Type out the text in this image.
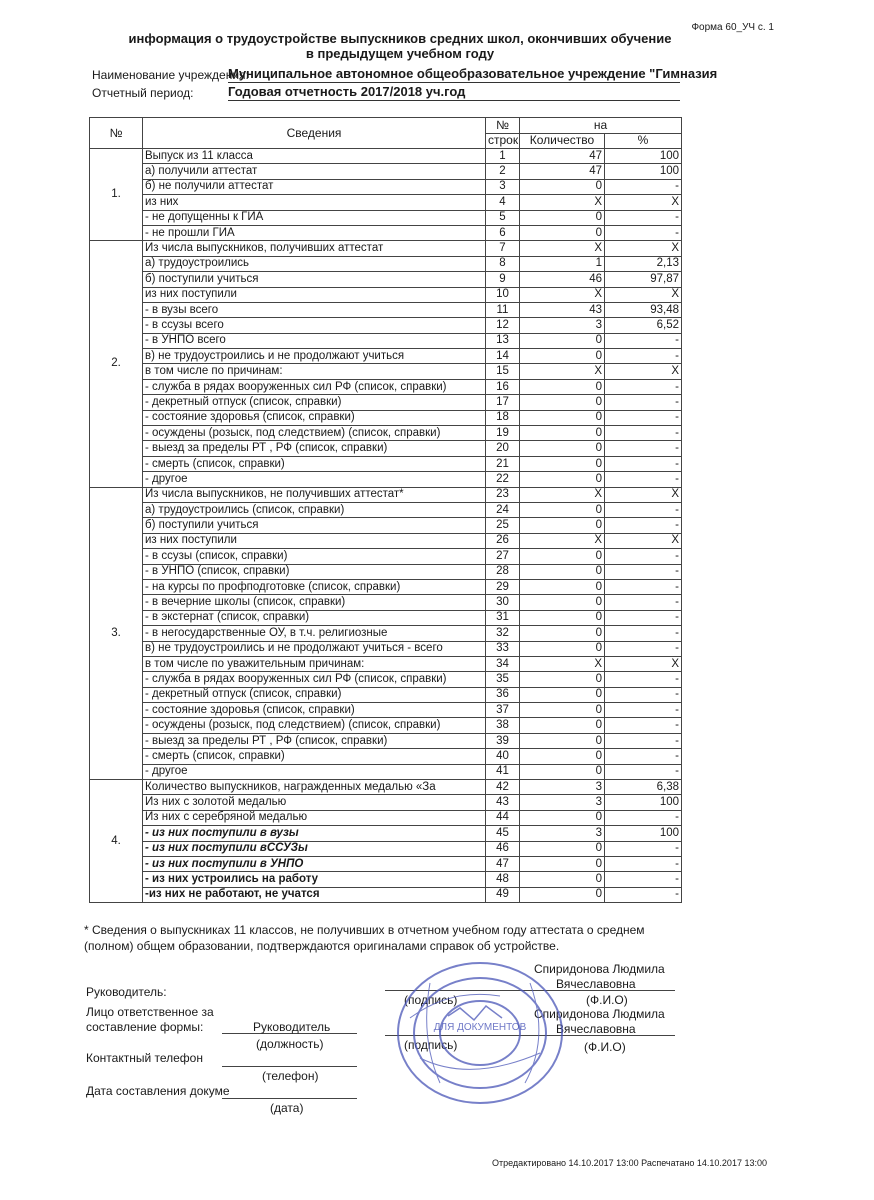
Форма 60_УЧ с. 1
информация о трудоустройстве выпускников средних школ, окончивших обучение
в предыдущем учебном году
Наименование учреждения:
Муниципальное автономное общеобразовательное учреждение "Гимназия
Отчетный период:	Годовая отчетность 2017/2018 уч.год
№	Сведения	№	на	
		строк	Количество	%
1.	Выпуск из 11 класса	1	47	100
	а) получили аттестат	2	47	100
	б) не получили аттестат	3	0	-
	из них	4	X	X
	- не допущенны к ГИА	5	0	-
	- не прошли ГИА	6	0	-
2.	Из числа выпускников, получивших аттестат	7	X	X
	а) трудоустроились	8	1	2,13
	б) поступили учиться	9	46	97,87
	из них поступили	10	X	X
	- в вузы всего	11	43	93,48
	- в ссузы всего	12	3	6,52
	- в УНПО всего	13	0	-
	в) не трудоустроились и не продолжают учиться	14	0	-
	в том числе по причинам:	15	X	X
	- служба в рядах вооруженных сил РФ (список, справки)	16	0	-
	- декретный отпуск (список, справки)	17	0	-
	- состояние здоровья (список, справки)	18	0	-
	- осуждены (розыск, под следствием) (список, справки)	19	0	-
	- выезд за пределы РТ , РФ (список, справки)	20	0	-
	- смерть (список, справки)	21	0	-
	- другое	22	0	-
3.	Из числа выпускников, не получивших аттестат*	23	X	X
	а) трудоустроились (список, справки)	24	0	-
	б) поступили учиться	25	0	-
	из них поступили	26	X	X
	- в ссузы (список, справки)	27	0	-
	- в УНПО (список, справки)	28	0	-
	- на курсы по профподготовке (список, справки)	29	0	-
	- в вечерние школы (список, справки)	30	0	-
	- в экстернат (список, справки)	31	0	-
	- в негосударственные ОУ, в т.ч. религиозные	32	0	-
	в) не трудоустроились и не продолжают учиться - всего	33	0	-
	в том числе по уважительным причинам:	34	X	X
	- служба в рядах вооруженных сил РФ (список, справки)	35	0	-
	- декретный отпуск (список, справки)	36	0	-
	- состояние здоровья (список, справки)	37	0	-
	- осуждены (розыск, под следствием) (список, справки)	38	0	-
	- выезд за пределы РТ , РФ (список, справки)	39	0	-
	- смерть (список, справки)	40	0	-
	- другое	41	0	-
4.	Количество выпускников, награжденных медалью «За	42	3	6,38
	Из них с золотой медалью	43	3	100
	Из них с серебряной медалью	44	0	-
	- из них поступили в вузы	45	3	100
	- из них поступили вССУЗы	46	0	-
	- из них поступили в УНПО	47	0	-
	- из них устроились на работу	48	0	-
	-из них не работают, не учатся	49	0	-
* Сведения о выпускниках 11 классов, не получивших в отчетном учебном году аттестата о среднем (полном) общем образовании, подтверждаются оригиналами справок об устройстве.
Руководитель:
Спиридонова Людмила
Вячеславовна
(подпись)	(Ф.И.О)
Лицо ответственное за
составление формы:	Руководитель
(должность)
Спиридонова Людмила
Вячеславовна
(подпись)	(Ф.И.О)
Контактный телефон
(телефон)
Дата составления докуме
(дата)
ДЛЯ ДОКУМЕНТОВ
Отредактировано 14.10.2017 13:00 Распечатано 14.10.2017 13:00
